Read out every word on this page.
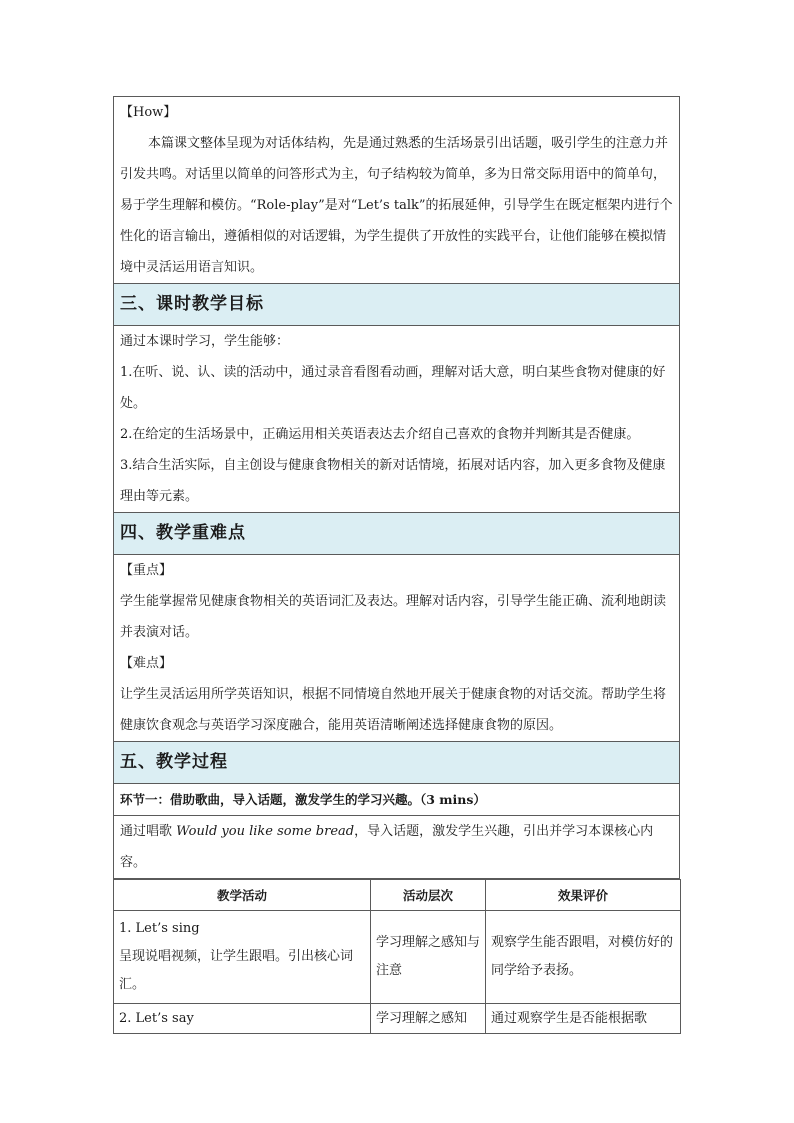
【How】

本篇课文整体呈现为对话体结构，先是通过熟悉的生活场景引出话题，吸引学生的注意力并引发共鸣。对话里以简单的问答形式为主，句子结构较为简单，多为日常交际用语中的简单句，易于学生理解和模仿。“Role-play”是对“Let’s talk”的拓展延伸，引导学生在既定框架内进行个性化的语言输出，遵循相似的对话逻辑，为学生提供了开放性的实践平台，让他们能够在模拟情境中灵活运用语言知识。

三、课时教学目标

通过本课时学习，学生能够：

1.在听、说、认、读的活动中，通过录音看图看动画，理解对话大意，明白某些食物对健康的好处。

2.在给定的生活场景中，正确运用相关英语表达去介绍自己喜欢的食物并判断其是否健康。

3.结合生活实际，自主创设与健康食物相关的新对话情境，拓展对话内容，加入更多食物及健康理由等元素。

四、教学重难点

【重点】

学生能掌握常见健康食物相关的英语词汇及表达。理解对话内容，引导学生能正确、流利地朗读并表演对话。

【难点】

让学生灵活运用所学英语知识，根据不同情境自然地开展关于健康食物的对话交流。帮助学生将健康饮食观念与英语学习深度融合，能用英语清晰阐述选择健康食物的原因。

五、教学过程
环节一：借助歌曲，导入话题，激发学生的学习兴趣。（3 mins）
通过唱歌 Would you like some bread，导入话题，激发学生兴趣，引出并学习本课核心内容。
教学活动	活动层次	效果评价

1. Let’s sing
呈现说唱视频，让学生跟唱。引出核心词汇。	学习理解之感知与注意	观察学生能否跟唱，对模仿好的同学给予表扬。

2. Let’s say	学习理解之感知	通过观察学生是否能根据歌
